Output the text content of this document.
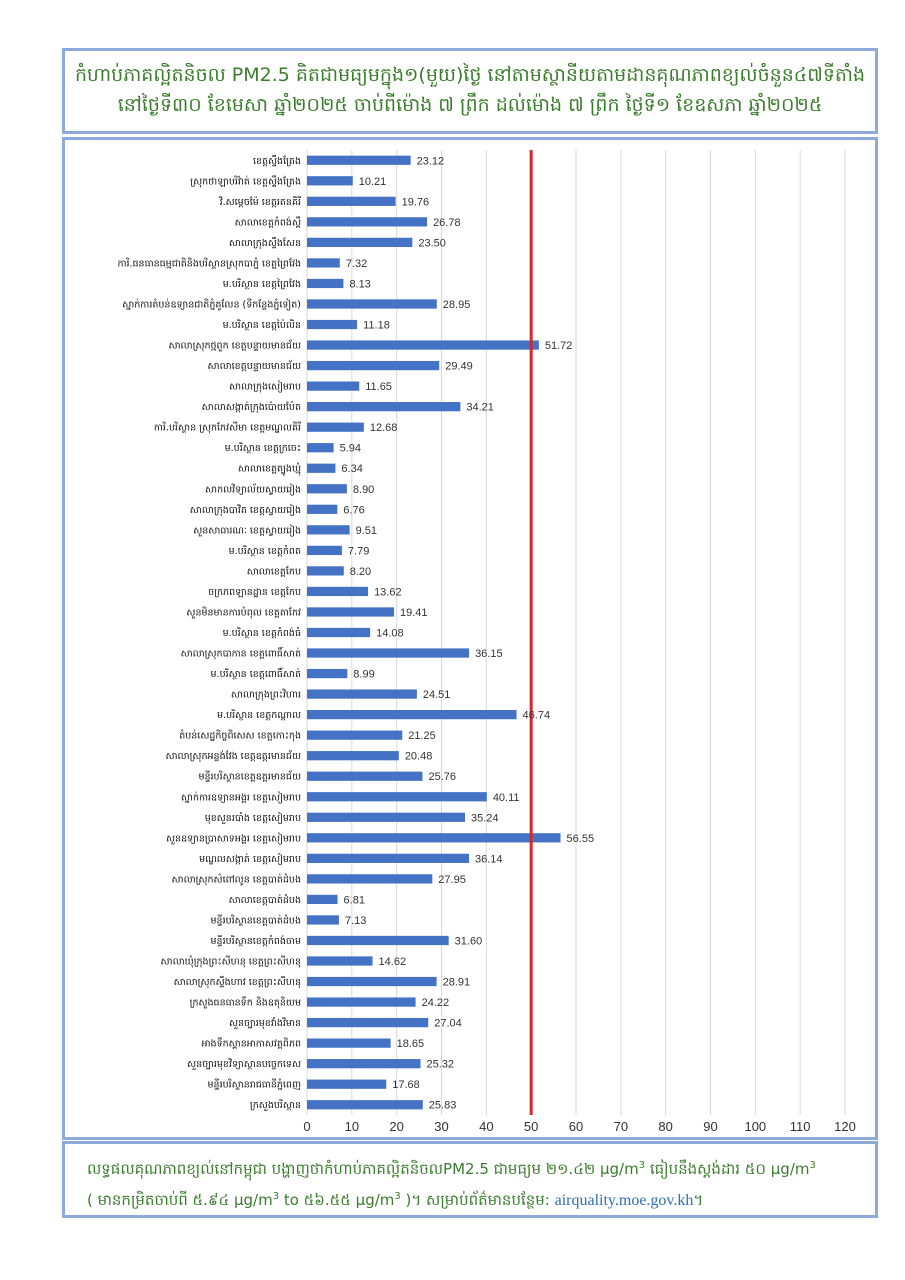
កំហាប់ភាគល្អិតនិចល PM2.5 គិតជាមធ្យមក្នុង១(មួយ)ថ្ងៃ នៅតាមស្ថានីយតាមដានគុណភាពខ្យល់ចំនួន៤៧ទីតាំង
នៅថ្ងៃទី៣០ ខែមេសា ឆ្នាំ២០២៥ ចាប់ពីម៉ោង ៧ ព្រឹក ដល់ម៉ោង ៧ ព្រឹក ថ្ងៃទី១ ខែឧសភា ឆ្នាំ២០២៥
ខេត្តស្ទឹងត្រែង
ស្រុកថាឡាបរិវ៉ាត់ ខេត្តស្ទឹងត្រែង
វិ.សម្តេចម៉ែ ខេត្តរតនគិរី
សាលាខេត្តកំពង់ស្ពឺ
សាលាក្រុងស្ទឹងសែន
ការិ.ធនធានធម្មជាតិនិងបរិស្ថានស្រុកបាភ្នំ ខេត្តព្រៃវែង
ម.បរិស្ថាន ខេត្តព្រៃវែង
ស្នាក់ការតំបន់ឧទ្យានជាតិភ្នំគូលែន (ទីកន្លែងភ្នំទៀត)
ម.បរិស្ថាន ខេត្តប៉ៃលិន
សាលាស្រុកថ្មពួក ខេត្តបន្ទាយមានជ័យ
សាលាខេត្តបន្ទាយមានជ័យ
សាលាក្រុងសៀមរាប
សាលាសង្កាត់ក្រុងប៉ោយប៉ែត
ការិ.បរិស្ថាន ស្រុកកែវសីមា ខេត្តមណ្ឌលគិរី
ម.បរិស្ថាន ខេត្តក្រចេះ
សាលាខេត្តត្បូងឃ្មុំ
សាកលវិទ្យាល័យស្វាយរៀង
សាលាក្រុងបាវិត ខេត្តស្វាយរៀង
សួនសាធារណៈ ខេត្តស្វាយរៀង
ម.បរិស្ថាន ខេត្តកំពត
សាលាខេត្តកែប
ចក្រភពឡានដ្ឋាន ខេត្តកែប
សួនមិនមានការបំពុល ខេត្តតាកែវ
ម.បរិស្ថាន ខេត្តកំពង់ធំ
សាលាស្រុកបាកាន ខេត្តពោធិ៍សាត់
ម.បរិស្ថាន ខេត្តពោធិ៍សាត់
សាលាក្រុងព្រះវិហារ
ម.បរិស្ថាន ខេត្តកណ្តាល
តំបន់សេដ្ឋកិច្ចពិសេស ខេត្តកោះកុង
សាលាស្រុកអន្លង់វែង ខេត្តឧត្តរមានជ័យ
មន្ទីរបរិស្ថានខេត្តឧត្តរមានជ័យ
ស្នាក់ការឧទ្យានអង្គរ ខេត្តសៀមរាប
មុខសួនរបាំង ខេត្តសៀមរាប
សួនឧទ្យានប្រាសាទអង្គរ ខេត្តសៀមរាប
មណ្ឌលសង្កាត់ ខេត្តសៀមរាប
សាលាស្រុកសំពៅលូន ខេត្តបាត់ដំបង
សាលាខេត្តបាត់ដំបង
មន្ទីរបរិស្ថានខេត្តបាត់ដំបង
មន្ទីរបរិស្ថានខេត្តកំពង់ចាម
សាលាឃុំក្រុងព្រះសីហនុ ខេត្តព្រះសីហនុ
សាលាស្រុកស្ទឹងហាវ ខេត្តព្រះសីហនុ
ក្រសួងធនធានទឹក និងឧតុនិយម
សួនច្បារមុខវាំងវិមាន
អាងទឹកស្ពានអាកាសវត្តពិភព
សួនច្បារមុខវិទ្យាស្ថានបច្ចេកទេស
មន្ទីរបរិស្ថានរាជធានីភ្នំពេញ
ក្រសួងបរិស្ថាន
23.12
10.21
19.76
26.78
23.50
7.32
8.13
28.95
11.18
51.72
29.49
11.65
34.21
12.68
5.94
6.34
8.90
6.76
9.51
7.79
8.20
13.62
19.41
14.08
36.15
8.99
24.51
46.74
21.25
20.48
25.76
40.11
35.24
56.55
36.14
27.95
6.81
7.13
31.60
14.62
28.91
24.22
27.04
18.65
25.32
17.68
25.83
0	10 20 30 40 50 60 70 80 90 100 110 120
លទ្ធផលគុណភាពខ្យល់នៅកម្ពុជា បង្ហាញថាកំហាប់ភាគល្អិតនិចលPM2.5 ជាមធ្យម ២១.៤២ $\mu g/m^3$ ធៀបនឹងស្តង់ដារ ៥០ $\mu g/m^3$
( មានកម្រិតចាប់ពី ៥.៩៤ $\mu g/m^3$ to ៥៦.៥៥ $\mu g/m^3$ )។ សម្រាប់ព័ត៌មានបន្ថែម: airquality.moe.gov.kh។
